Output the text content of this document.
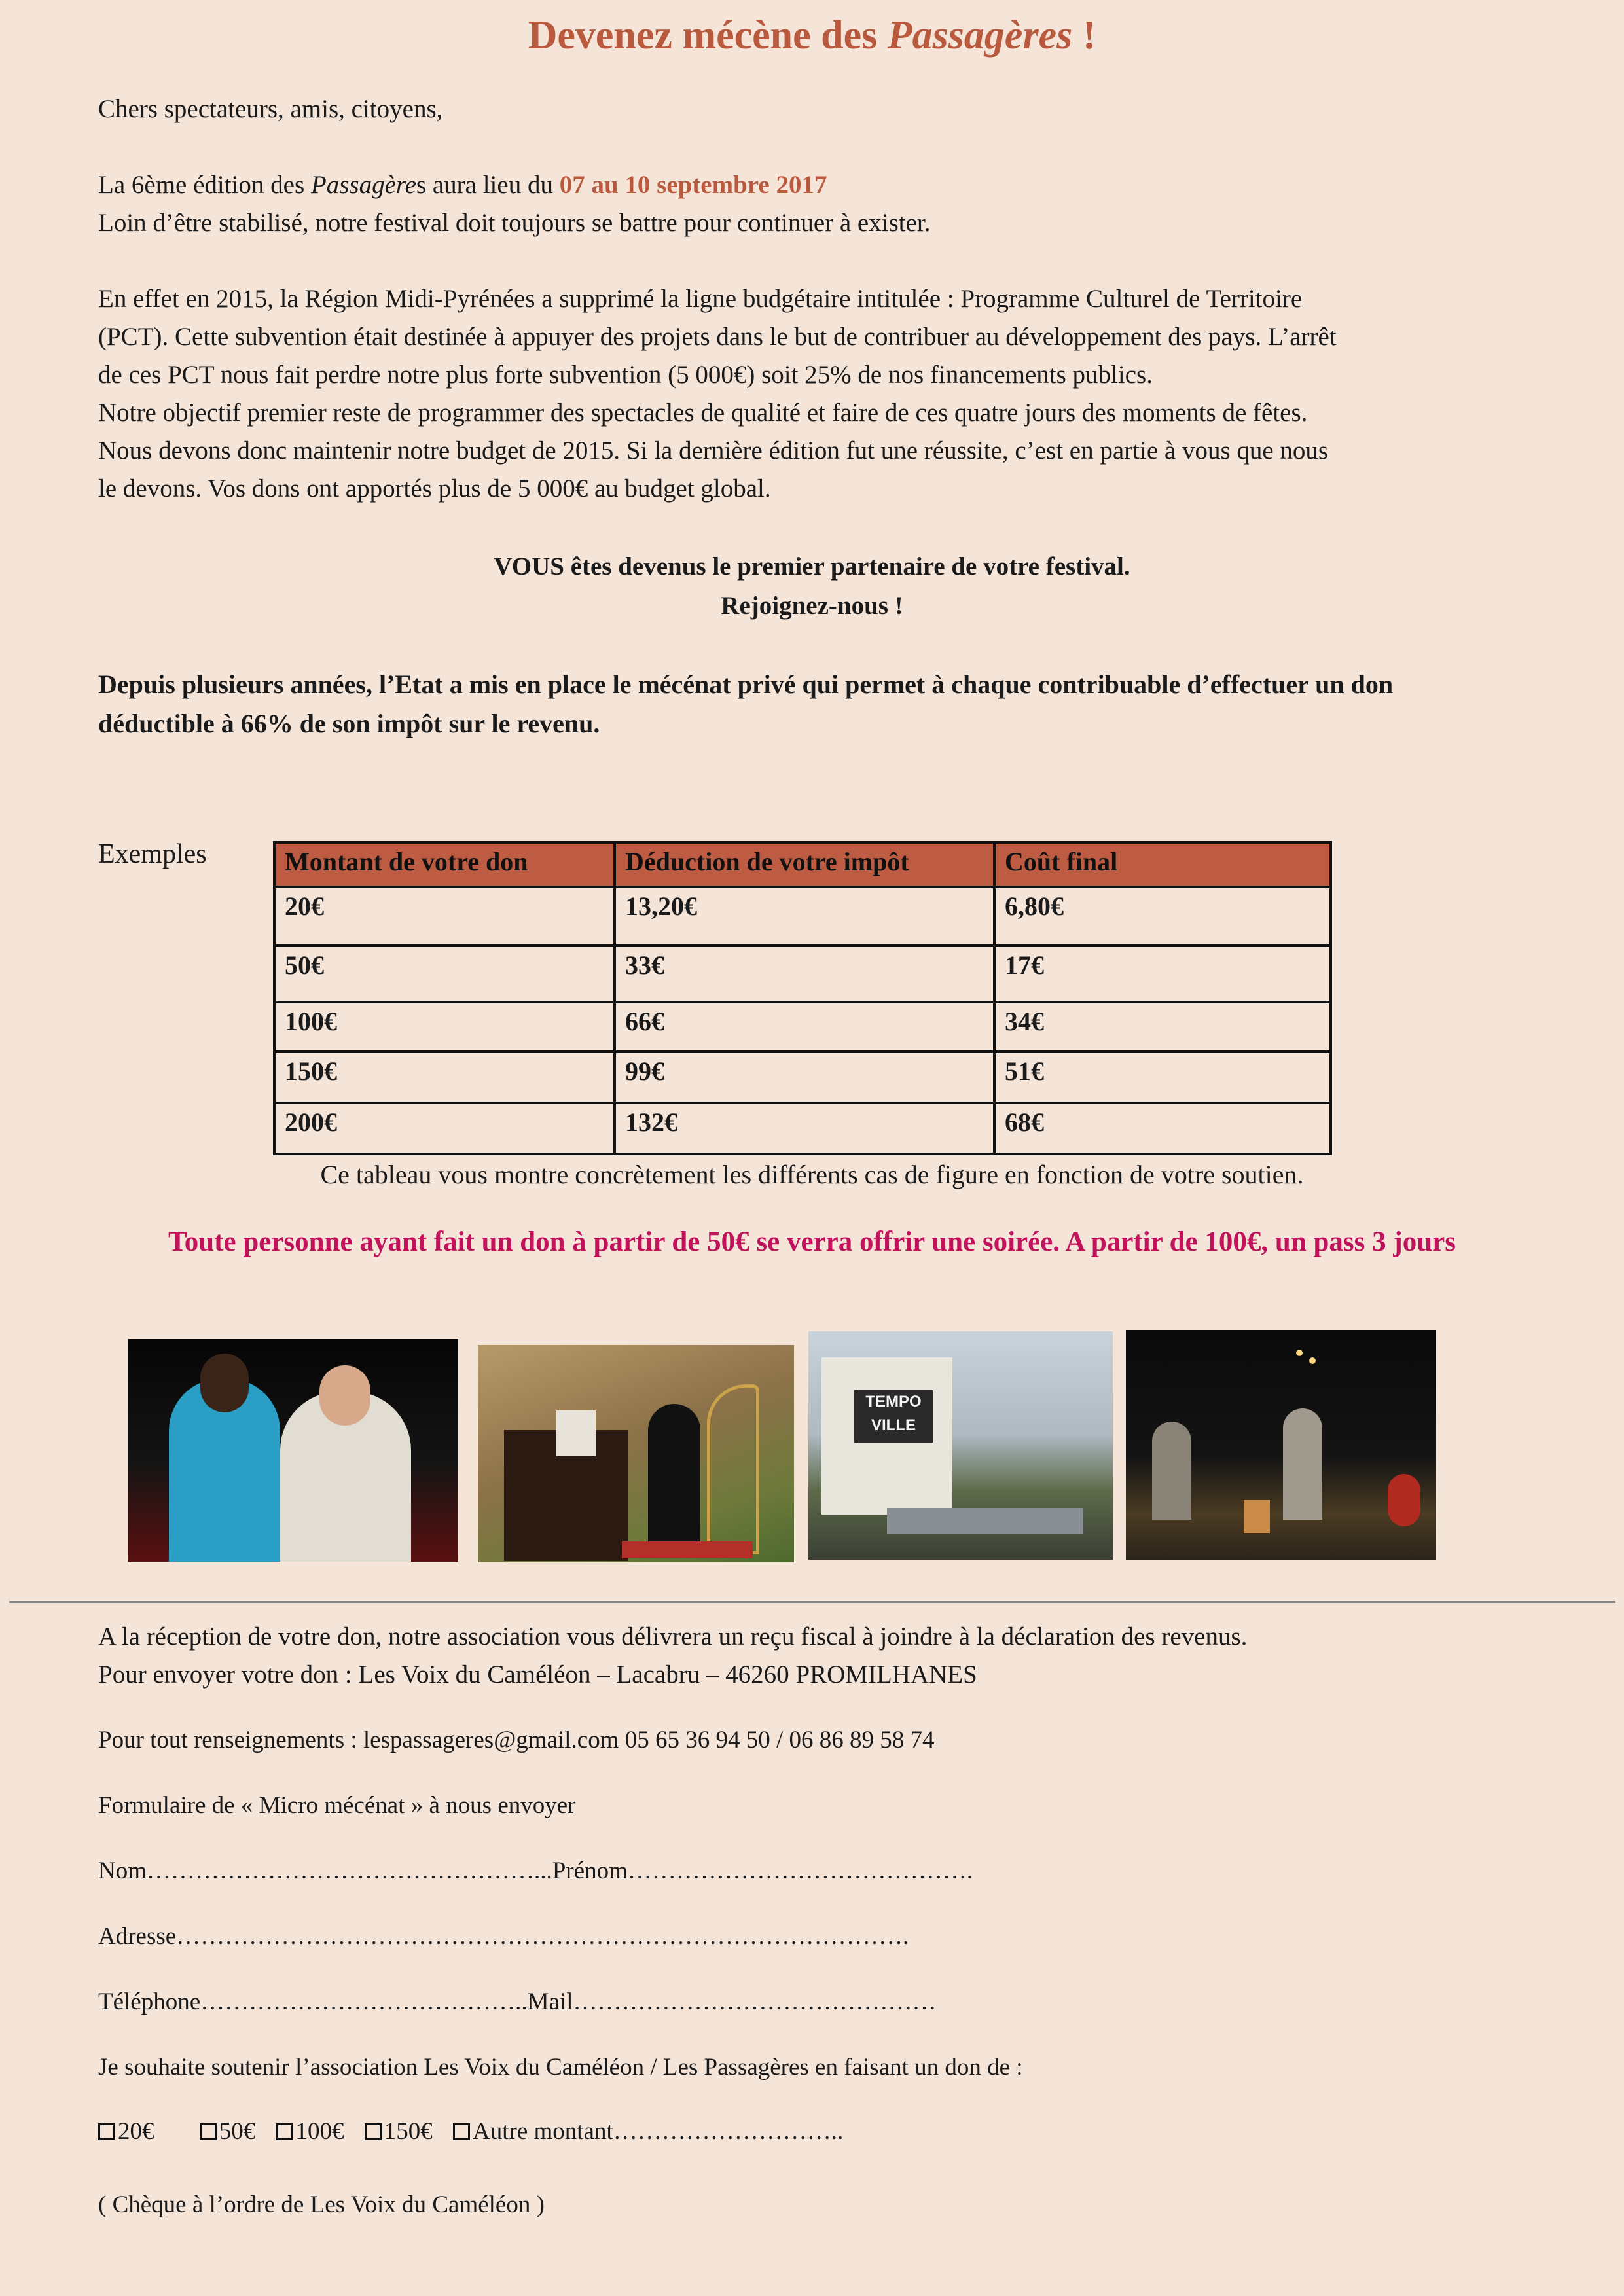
Devenez mécène des Passagères !

Chers spectateurs, amis, citoyens,

La 6ème édition des Passagères aura lieu du 07 au 10 septembre 2017
Loin d’être stabilisé, notre festival doit toujours se battre pour continuer à exister.

En effet en 2015, la Région Midi-Pyrénées a supprimé la ligne budgétaire intitulée : Programme Culturel de Territoire
(PCT). Cette subvention était destinée à appuyer des projets dans le but de contribuer au développement des pays. L’arrêt
de ces PCT nous fait perdre notre plus forte subvention (5 000€) soit 25% de nos financements publics.
Notre objectif premier reste de programmer des spectacles de qualité et faire de ces quatre jours des moments de fêtes.
Nous devons donc maintenir notre budget de 2015. Si la dernière édition fut une réussite, c’est en partie à vous que nous
le devons. Vos dons ont apportés plus de 5 000€ au budget global.

VOUS êtes devenus le premier partenaire de votre festival.
Rejoignez-nous !

Depuis plusieurs années, l’Etat a mis en place le mécénat privé qui permet à chaque contribuable d’effectuer un don
déductible à 66% de son impôt sur le revenu.

Exemples	Montant de votre don	Déduction de votre impôt	Coût final
20€	13,20€	6,80€
50€	33€	17€
100€	66€	34€
150€	99€	51€
200€	132€	68€

Ce tableau vous montre concrètement les différents cas de figure en fonction de votre soutien.

Toute personne ayant fait un don à partir de 50€ se verra offrir une soirée. A partir de 100€, un pass 3 jours
TEMPO
VILLE

A la réception de votre don, notre association vous délivrera un reçu fiscal à joindre à la déclaration des revenus.
Pour envoyer votre don : Les Voix du Caméléon – Lacabru – 46260 PROMILHANES

Pour tout renseignements : lespassageres@gmail.com 05 65 36 94 50 / 06 86 89 58 74

Formulaire de « Micro mécénat » à nous envoyer

Nom…………………………………………...Prénom…………………………………….

Adresse……………………………………………………………………………….

Téléphone…………………………………..Mail………………………………………

Je souhaite soutenir l’association Les Voix du Caméléon / Les Passagères en faisant un don de :

20€	50€ 100€ 150€ Autre montant………………………..

( Chèque à l’ordre de Les Voix du Caméléon )
